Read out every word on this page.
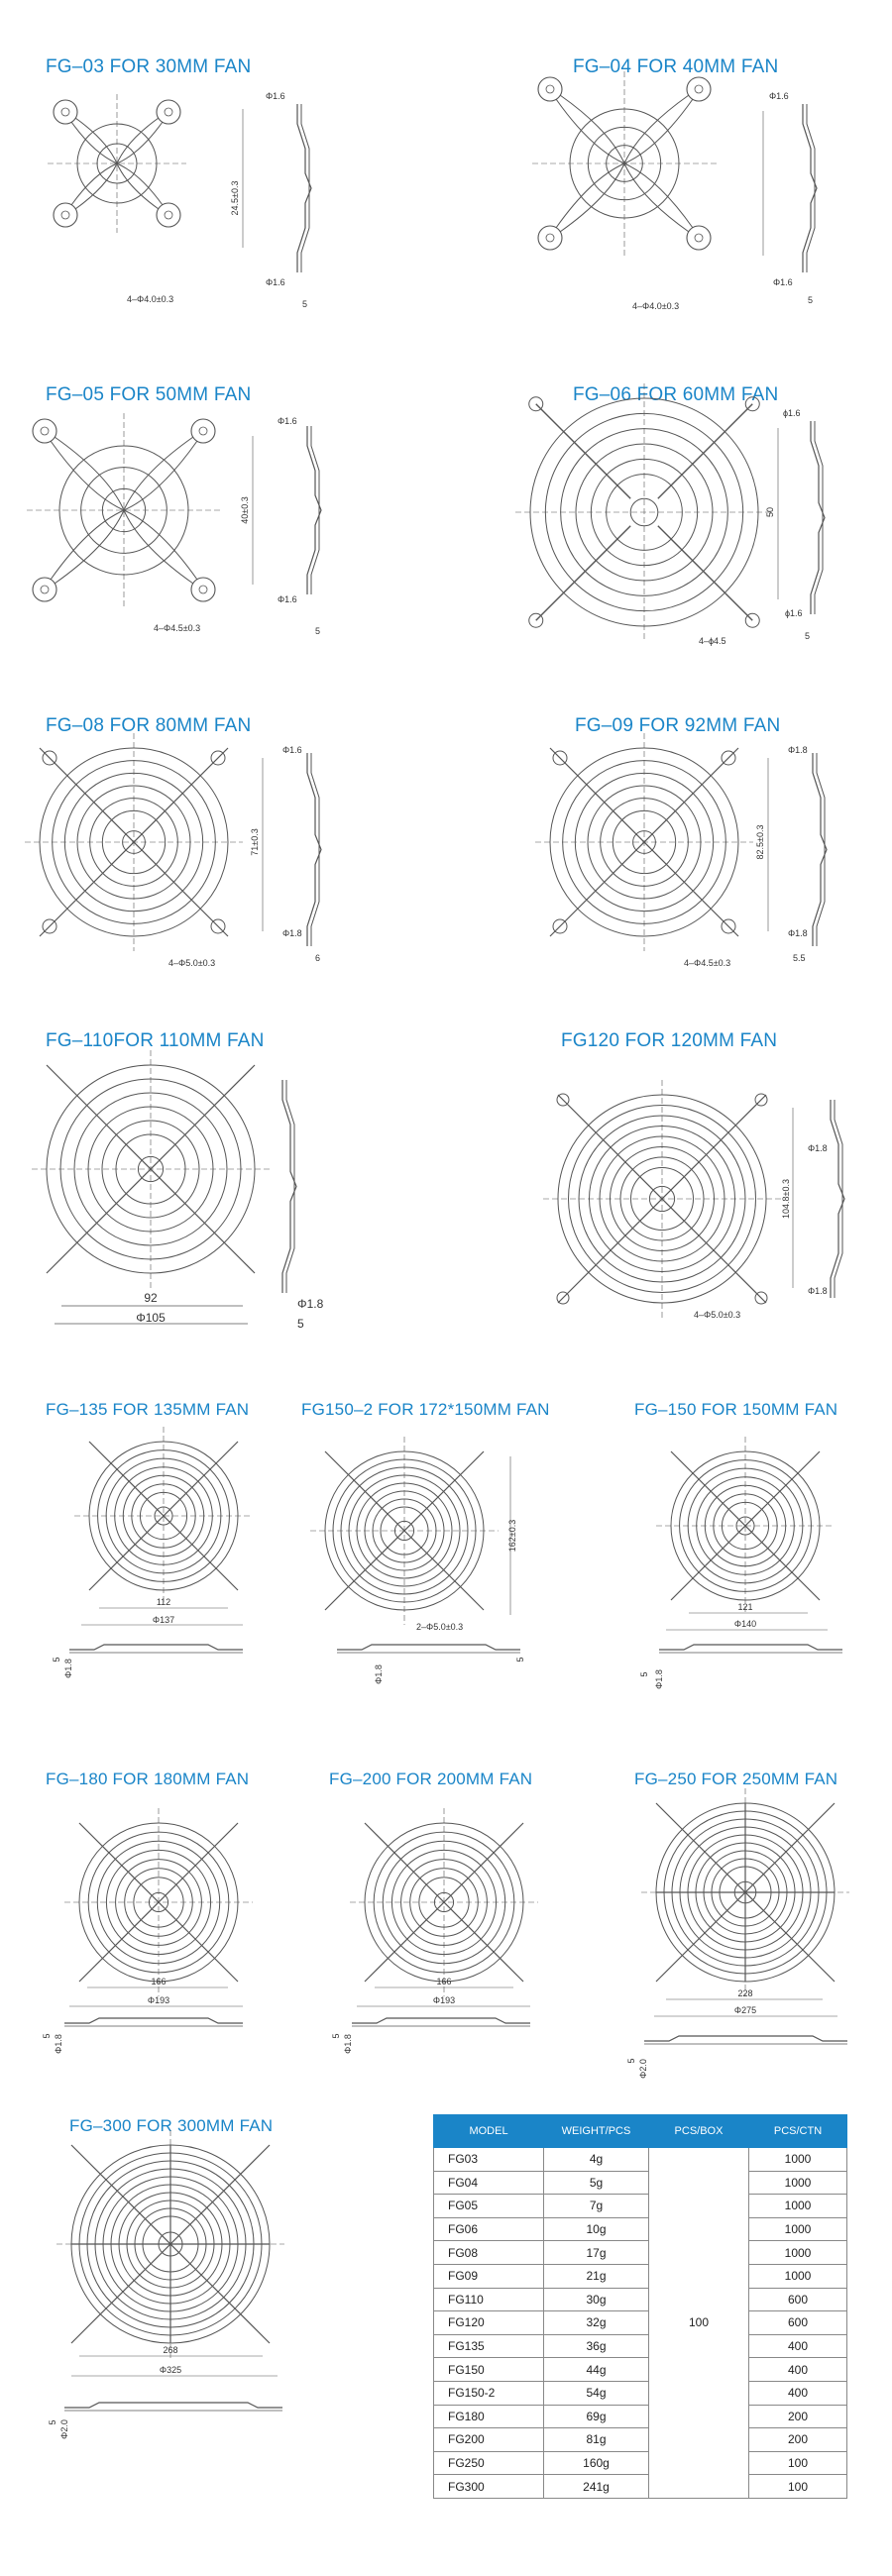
FG–03 FOR 30MM FAN	FG–04 FOR 40MM FAN
FG–05 FOR 50MM FAN	FG–06 FOR 60MM FAN
FG–08 FOR 80MM FAN	FG–09 FOR 92MM FAN
FG–110FOR 110MM FAN	FG120 FOR 120MM FAN
FG–135 FOR 135MM FAN	FG150–2 FOR 172*150MM FAN	FG–150 FOR 150MM FAN
FG–180 FOR 180MM FAN	FG–200 FOR 200MM FAN	FG–250 FOR 250MM FAN
FG–300 FOR 300MM FAN
Φ1.6
Φ1.6
24.5±0.3
4–Φ4.0±0.3	5
Φ1.6
Φ1.6
4–Φ4.0±0.3
5
Φ1.6
Φ1.6
40±0.3
4–Φ4.5±0.3	5
ϕ1.6
ϕ1.6
50
4–ϕ4.5	5
Φ1.6
Φ1.8
71±0.3
4–Φ5.0±0.3	6
Φ1.8
Φ1.8
82.5±0.3
4–Φ4.5±0.3	5.5
92
Φ105
Φ1.8
5
Φ1.8
Φ1.8
104.8±0.3
4–Φ5.0±0.3
112
Φ137
5 Φ1.8
162±0.3
2–Φ5.0±0.3
Φ1.8
5
121
Φ140
5 Φ1.8
166
Φ193
5 Φ1.8
166
Φ193
5 Φ1.8
228
Φ275
5 Φ2.0
268
Φ325
5 Φ2.0
MODEL	WEIGHT/PCS	PCS/BOX	PCS/CTN
FG03	4g	100	1000
FG04	5g		1000
FG05	7g		1000
FG06	10g		1000
FG08	17g		1000
FG09	21g		1000
FG110	30g		600
FG120	32g		600
FG135	36g		400
FG150	44g		400
FG150-2	54g		400
FG180	69g		200
FG200	81g		200
FG250	160g		100
FG300	241g		100
